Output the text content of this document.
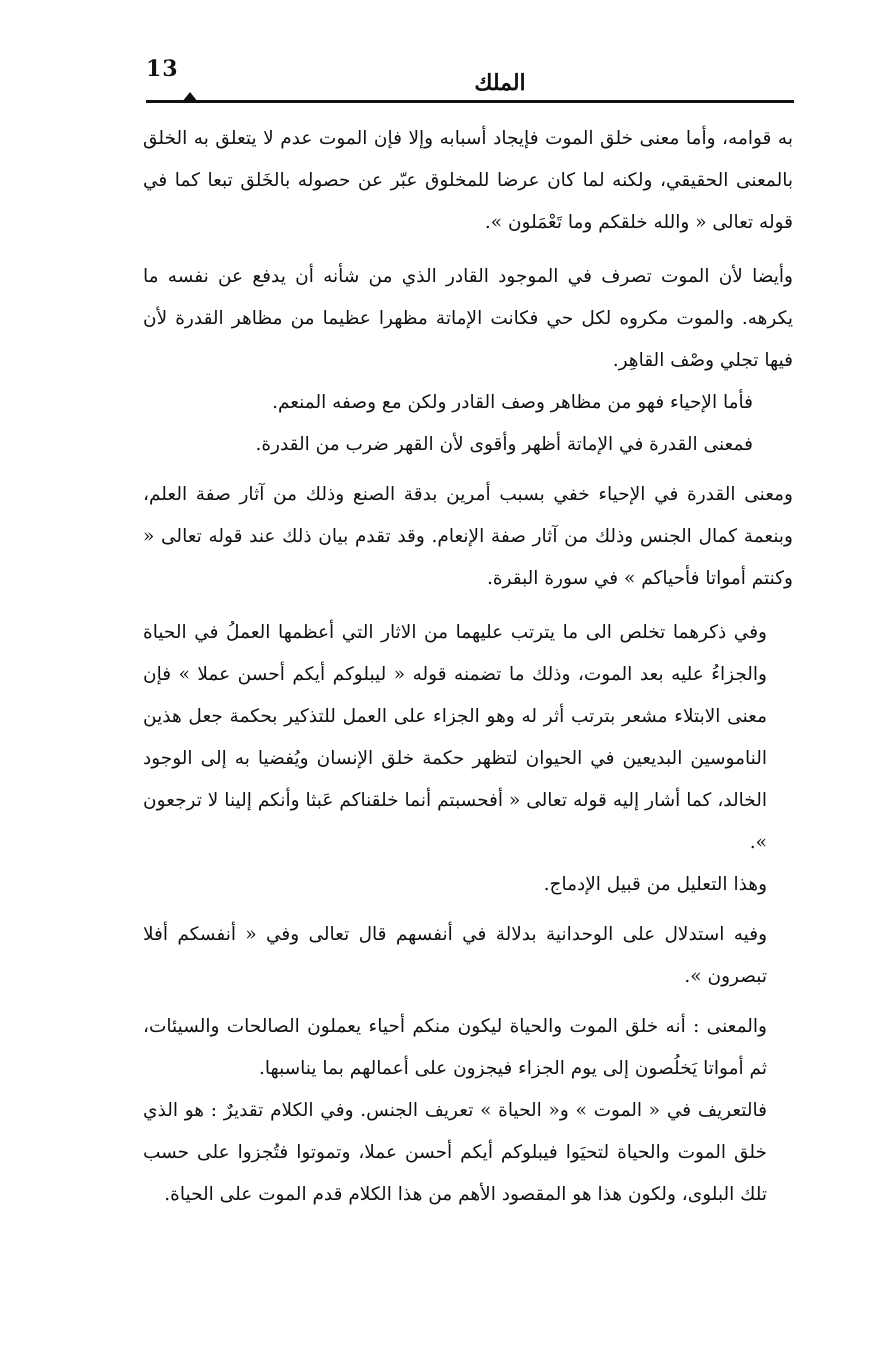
13
الملك

به قوامه، وأما معنى خلق الموت فإيجاد أسبابه وإلا فإن الموت عدم لا يتعلق به الخلق بالمعنى الحقيقي، ولكنه لما كان عرضا للمخلوق عبّر عن حصوله بالخَلق تبعا كما في قوله تعالى « والله خلقكم وما تَعْمَلون ».

وأيضا لأن الموت تصرف في الموجود القادر الذي من شأنه أن يدفع عن نفسه ما يكرهه. والموت مكروه لكل حي فكانت الإماتة مظهرا عظيما من مظاهر القدرة لأن فيها تجلي وصْف القاهِر.

فأما الإحياء فهو من مظاهر وصف القادر ولكن مع وصفه المنعم.

فمعنى القدرة في الإماتة أظهر وأقوى لأن القهر ضرب من القدرة.

ومعنى القدرة في الإحياء خفي بسبب أمرين بدقة الصنع وذلك من آثار صفة العلم، وبنعمة كمال الجنس وذلك من آثار صفة الإنعام. وقد تقدم بيان ذلك عند قوله تعالى « وكنتم أمواتا فأحياكم » في سورة البقرة.

وفي ذكرهما تخلص الى ما يترتب عليهما من الاثار التي أعظمها العملُ في الحياة والجزاءُ عليه بعد الموت، وذلك ما تضمنه قوله « ليبلوكم أيكم أحسن عملا » فإن معنى الابتلاء مشعر بترتب أثر له وهو الجزاء على العمل للتذكير بحكمة جعل هذين الناموسين البديعين في الحيوان لتظهر حكمة خلق الإنسان ويُفضيا به إلى الوجود الخالد، كما أشار إليه قوله تعالى « أفحسبتم أنما خلقناكم عَبثا وأنكم إلينا لا ترجعون ».

وهذا التعليل من قبيل الإدماج.

وفيه استدلال على الوحدانية بدلالة في أنفسهم قال تعالى وفي « أنفسكم أفلا تبصرون ».

والمعنى : أنه خلق الموت والحياة ليكون منكم أحياء يعملون الصالحات والسيئات، ثم أمواتا يَخلُصون إلى يوم الجزاء فيجزون على أعمالهم بما يناسبها.

فالتعريف في « الموت » و« الحياة » تعريف الجنس. وفي الكلام تقديرٌ : هو الذي خلق الموت والحياة لتحيَوا فيبلوكم أيكم أحسن عملا، وتموتوا فتُجزوا على حسب تلك البلوى، ولكون هذا هو المقصود الأهم من هذا الكلام قدم الموت على الحياة.
